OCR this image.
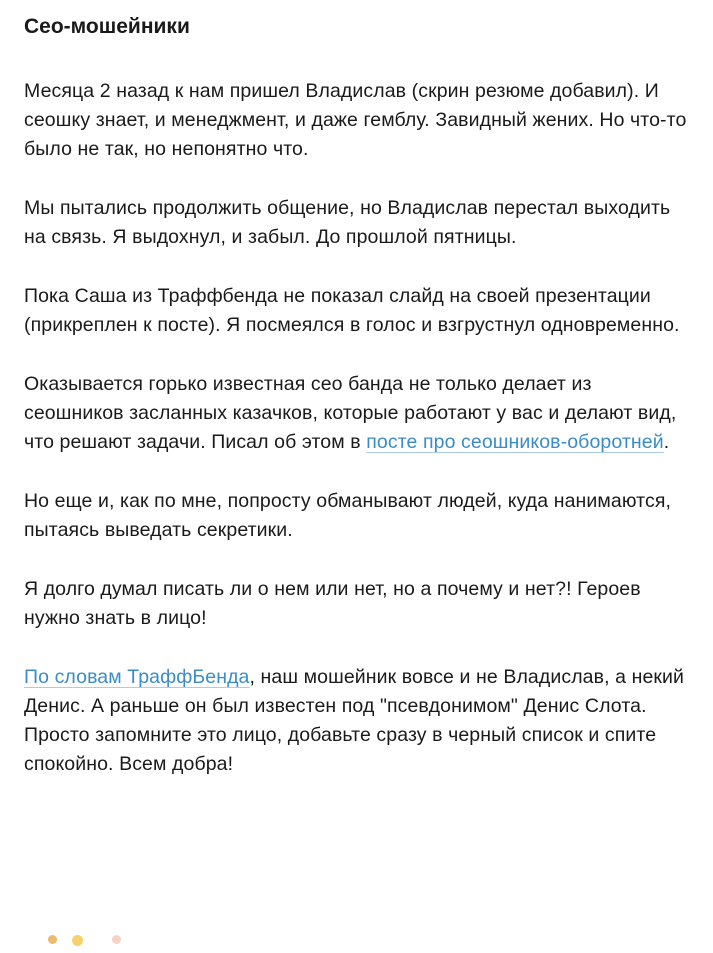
Сео-мошейники

Месяца 2 назад к нам пришел Владислав (скрин резюме добавил). И сеошку знает, и менеджмент, и даже гемблу. Завидный жених. Но что-то было не так, но непонятно что.

Мы пытались продолжить общение, но Владислав перестал выходить на связь. Я выдохнул, и забыл. До прошлой пятницы.

Пока Саша из Траффбенда не показал слайд на своей презентации (прикреплен к посте). Я посмеялся в голос и взгрустнул одновременно.

Оказывается горько известная сео банда не только делает из сеошников засланных казачков, которые работают у вас и делают вид, что решают задачи. Писал об этом в посте про сеошников-оборотней.

Но еще и, как по мне, попросту обманывают людей, куда нанимаются, пытаясь выведать секретики.

Я долго думал писать ли о нем или нет, но а почему и нет?! Героев нужно знать в лицо!

По словам ТраффБенда, наш мошейник вовсе и не Владислав, а некий Денис. А раньше он был известен под "псевдонимом" Денис Слота. Просто запомните это лицо, добавьте сразу в черный список и спите спокойно. Всем добра!
